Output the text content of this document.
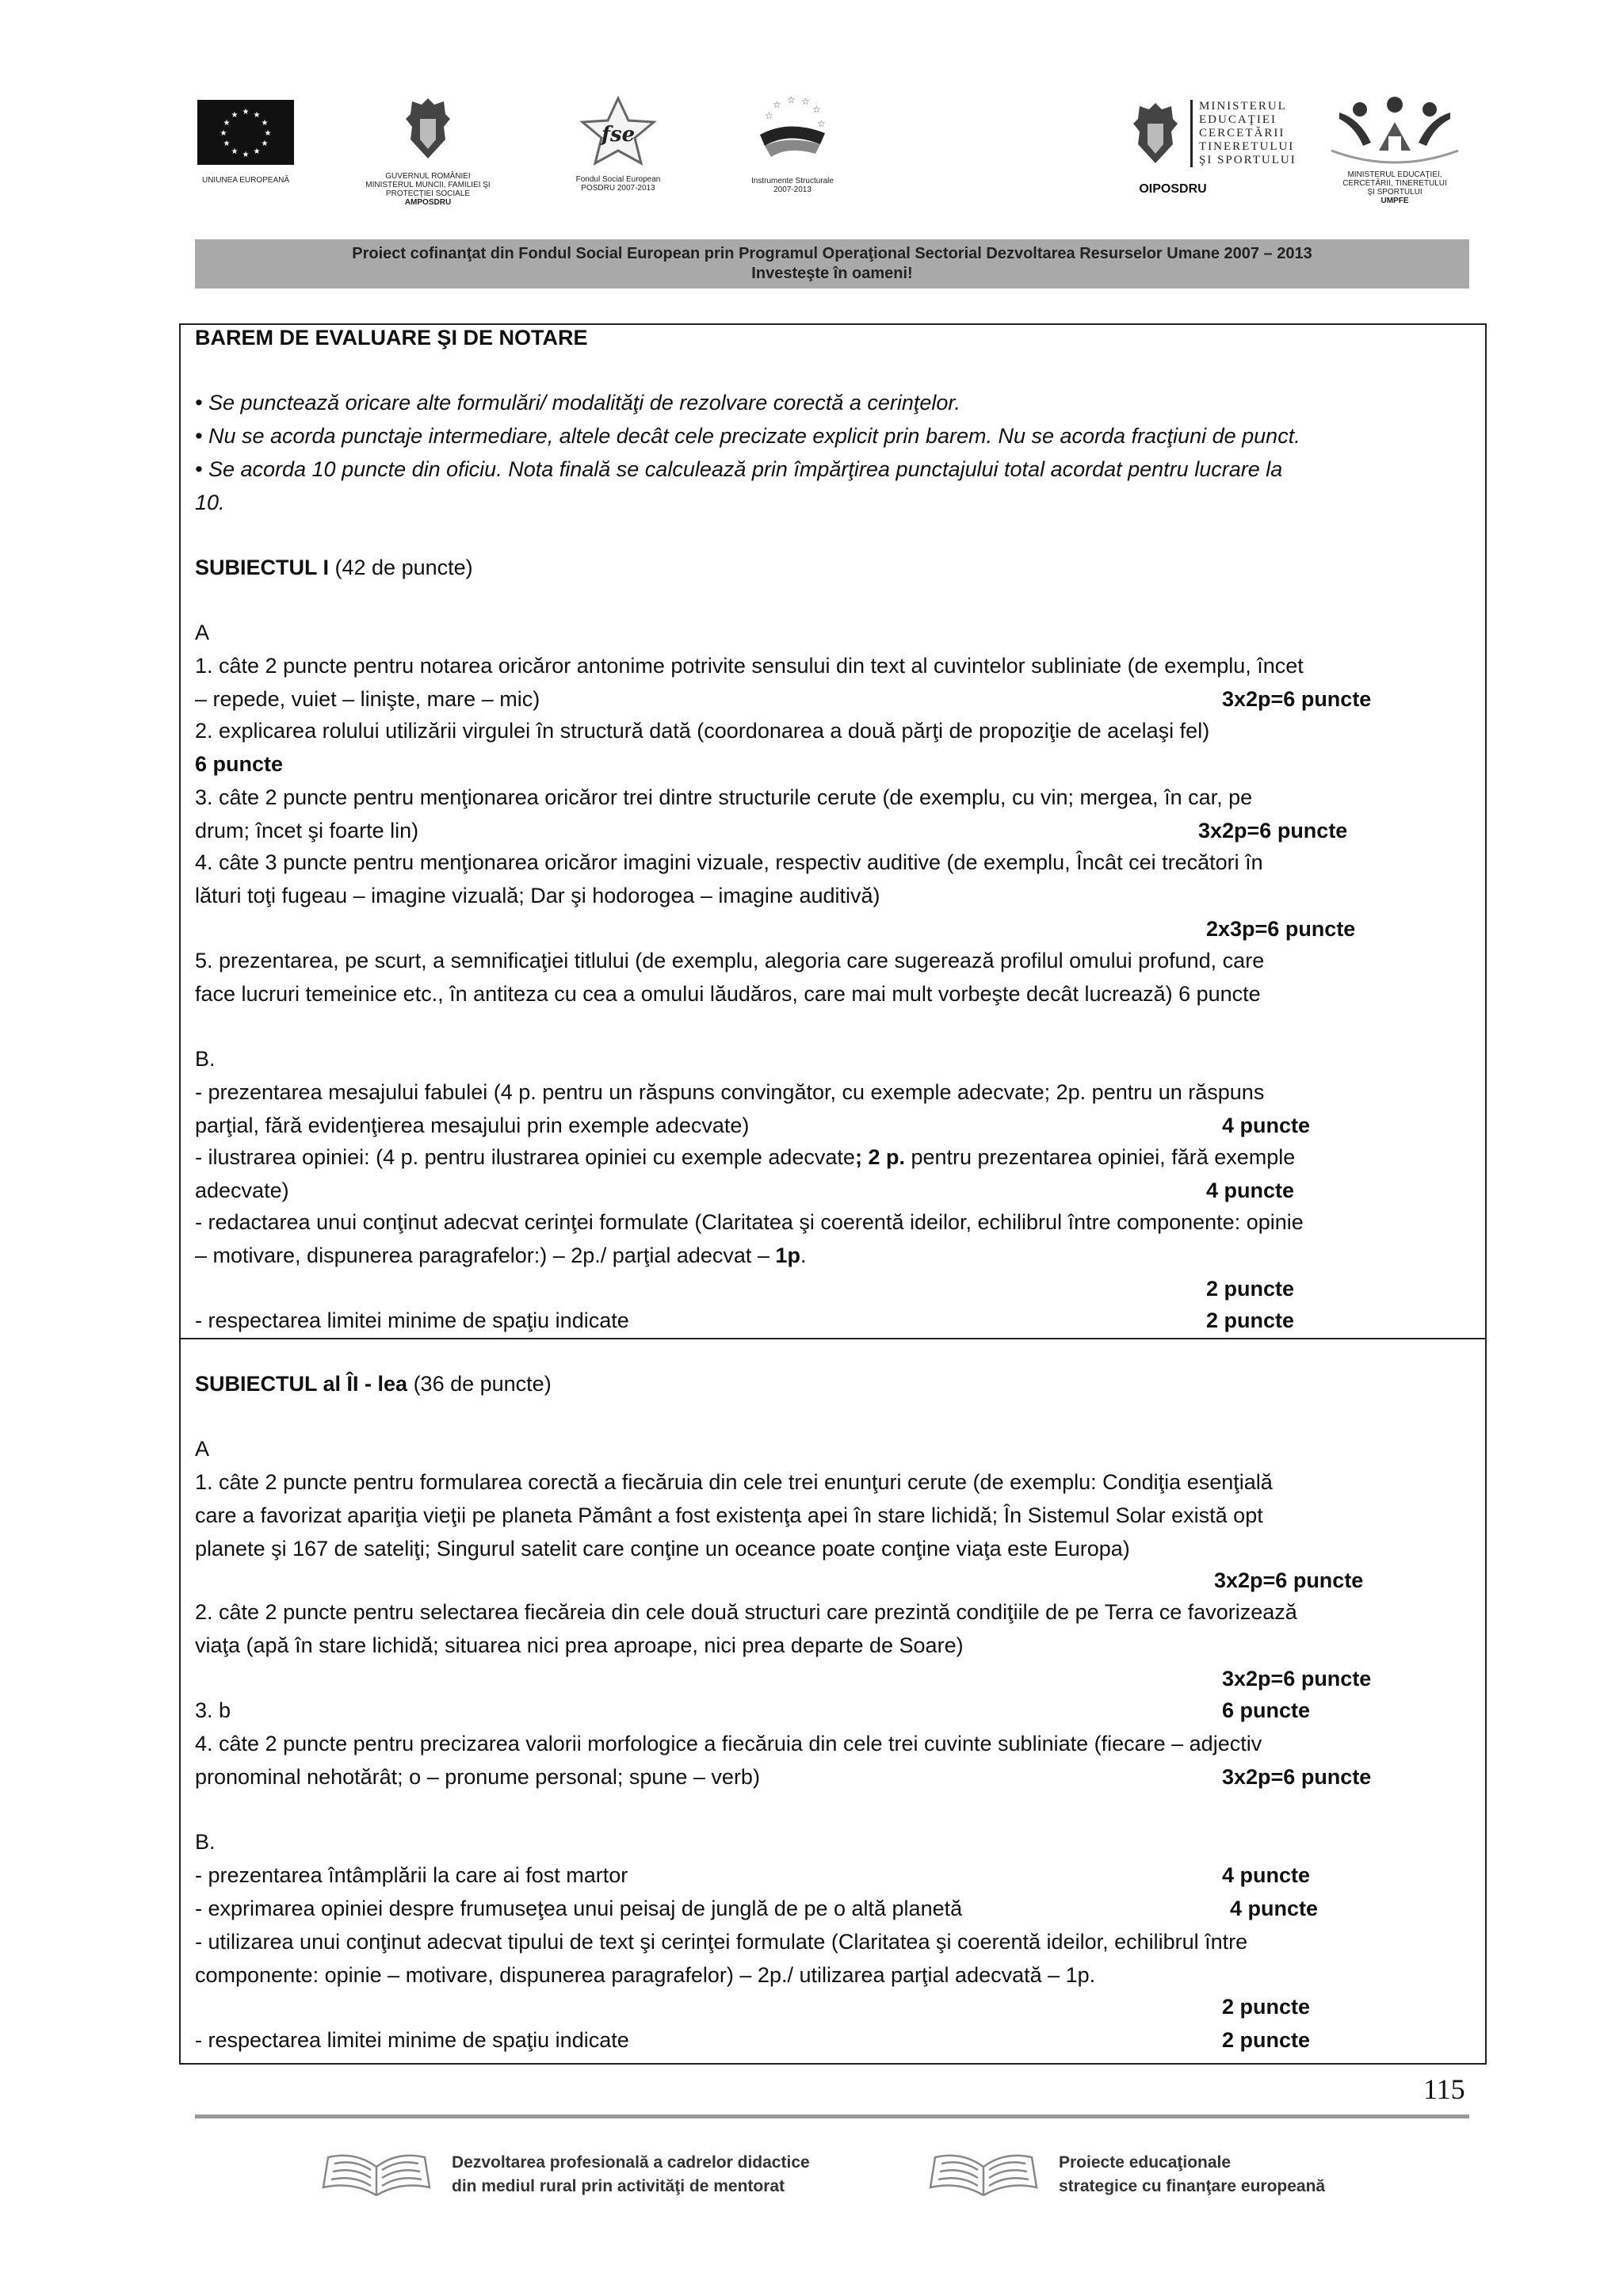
★ ★
★
★
★
★
★
★
★
★
★
★
UNIUNEA EUROPEANĂ	GUVERNUL ROMÂNIEI
MINISTERUL MUNCII, FAMILIEI ŞI
PROTECŢIEI SOCIALE
AMPOSDRU
fse
Fondul Social European
POSDRU 2007-2013
☆ ☆ ☆
☆
☆
☆
Instrumente Structurale
2007-2013
MINISTERUL
EDUCAŢIEI
CERCETĂRII
TINERETULUI
ŞI SPORTULUI
OIPOSDRU
MINISTERUL EDUCAŢIEI,
CERCETĂRII, TINERETULUI
ŞI SPORTULUI
UMPFE
Proiect cofinanţat din Fondul Social European prin Programul Operaţional Sectorial Dezvoltarea Resurselor Umane 2007 – 2013
Investeşte în oameni!
BAREM DE EVALUARE ŞI DE NOTARE
• Se punctează oricare alte formulări/ modalităţi de rezolvare corectă a cerinţelor.
• Nu se acorda punctaje intermediare, altele decât cele precizate explicit prin barem. Nu se acorda fracţiuni de punct.
• Se acorda 10 puncte din oficiu. Nota finală se calculează prin împărţirea punctajului total acordat pentru lucrare la
10.
SUBIECTUL I (42 de puncte)
A
1. câte 2 puncte pentru notarea oricăror antonime potrivite sensului din text al cuvintelor subliniate (de exemplu, încet
– repede, vuiet – linişte, mare – mic)	3x2p=6 puncte
2. explicarea rolului utilizării virgulei în structură dată (coordonarea a două părţi de propoziţie de acelaşi fel)
6 puncte
3. câte 2 puncte pentru menţionarea oricăror trei dintre structurile cerute (de exemplu, cu vin; mergea, în car, pe
drum; încet şi foarte lin)	3x2p=6 puncte
4. câte 3 puncte pentru menţionarea oricăror imagini vizuale, respectiv auditive (de exemplu, Încât cei trecători în
lături toţi fugeau – imagine vizuală; Dar şi hodorogea – imagine auditivă)
2x3p=6 puncte
5. prezentarea, pe scurt, a semnificaţiei titlului (de exemplu, alegoria care sugerează profilul omului profund, care
face lucruri temeinice etc., în antiteza cu cea a omului lăudăros, care mai mult vorbeşte decât lucrează) 6 puncte
B.
- prezentarea mesajului fabulei (4 p. pentru un răspuns convingător, cu exemple adecvate; 2p. pentru un răspuns
parţial, fără evidenţierea mesajului prin exemple adecvate)	4 puncte
- ilustrarea opiniei: (4 p. pentru ilustrarea opiniei cu exemple adecvate; 2 p. pentru prezentarea opiniei, fără exemple
adecvate)	4 puncte
- redactarea unui conţinut adecvat cerinţei formulate (Claritatea şi coerentă ideilor, echilibrul între componente: opinie
– motivare, dispunerea paragrafelor:) – 2p./ parţial adecvat – 1p.
2 puncte
- respectarea limitei minime de spaţiu indicate	2 puncte
SUBIECTUL al ÎI - lea (36 de puncte)
A
1. câte 2 puncte pentru formularea corectă a fiecăruia din cele trei enunţuri cerute (de exemplu: Condiţia esenţială
care a favorizat apariţia vieţii pe planeta Pământ a fost existenţa apei în stare lichidă; În Sistemul Solar există opt
planete şi 167 de sateliţi; Singurul satelit care conţine un oceance poate conţine viaţa este Europa)
3x2p=6 puncte
2. câte 2 puncte pentru selectarea fiecăreia din cele două structuri care prezintă condiţiile de pe Terra ce favorizează
viaţa (apă în stare lichidă; situarea nici prea aproape, nici prea departe de Soare)
3x2p=6 puncte
3. b	6 puncte
4. câte 2 puncte pentru precizarea valorii morfologice a fiecăruia din cele trei cuvinte subliniate (fiecare – adjectiv
pronominal nehotărât; o – pronume personal; spune – verb)	3x2p=6 puncte
B.
- prezentarea întâmplării la care ai fost martor	4 puncte
- exprimarea opiniei despre frumuseţea unui peisaj de junglă de pe o altă planetă	4 puncte
- utilizarea unui conţinut adecvat tipului de text şi cerinţei formulate (Claritatea şi coerentă ideilor, echilibrul între
componente: opinie – motivare, dispunerea paragrafelor) – 2p./ utilizarea parţial adecvată – 1p.
2 puncte
- respectarea limitei minime de spaţiu indicate	2 puncte
115
Dezvoltarea profesională a cadrelor didactice
din mediul rural prin activităţi de mentorat
Proiecte educaţionale
strategice cu finanţare europeană
